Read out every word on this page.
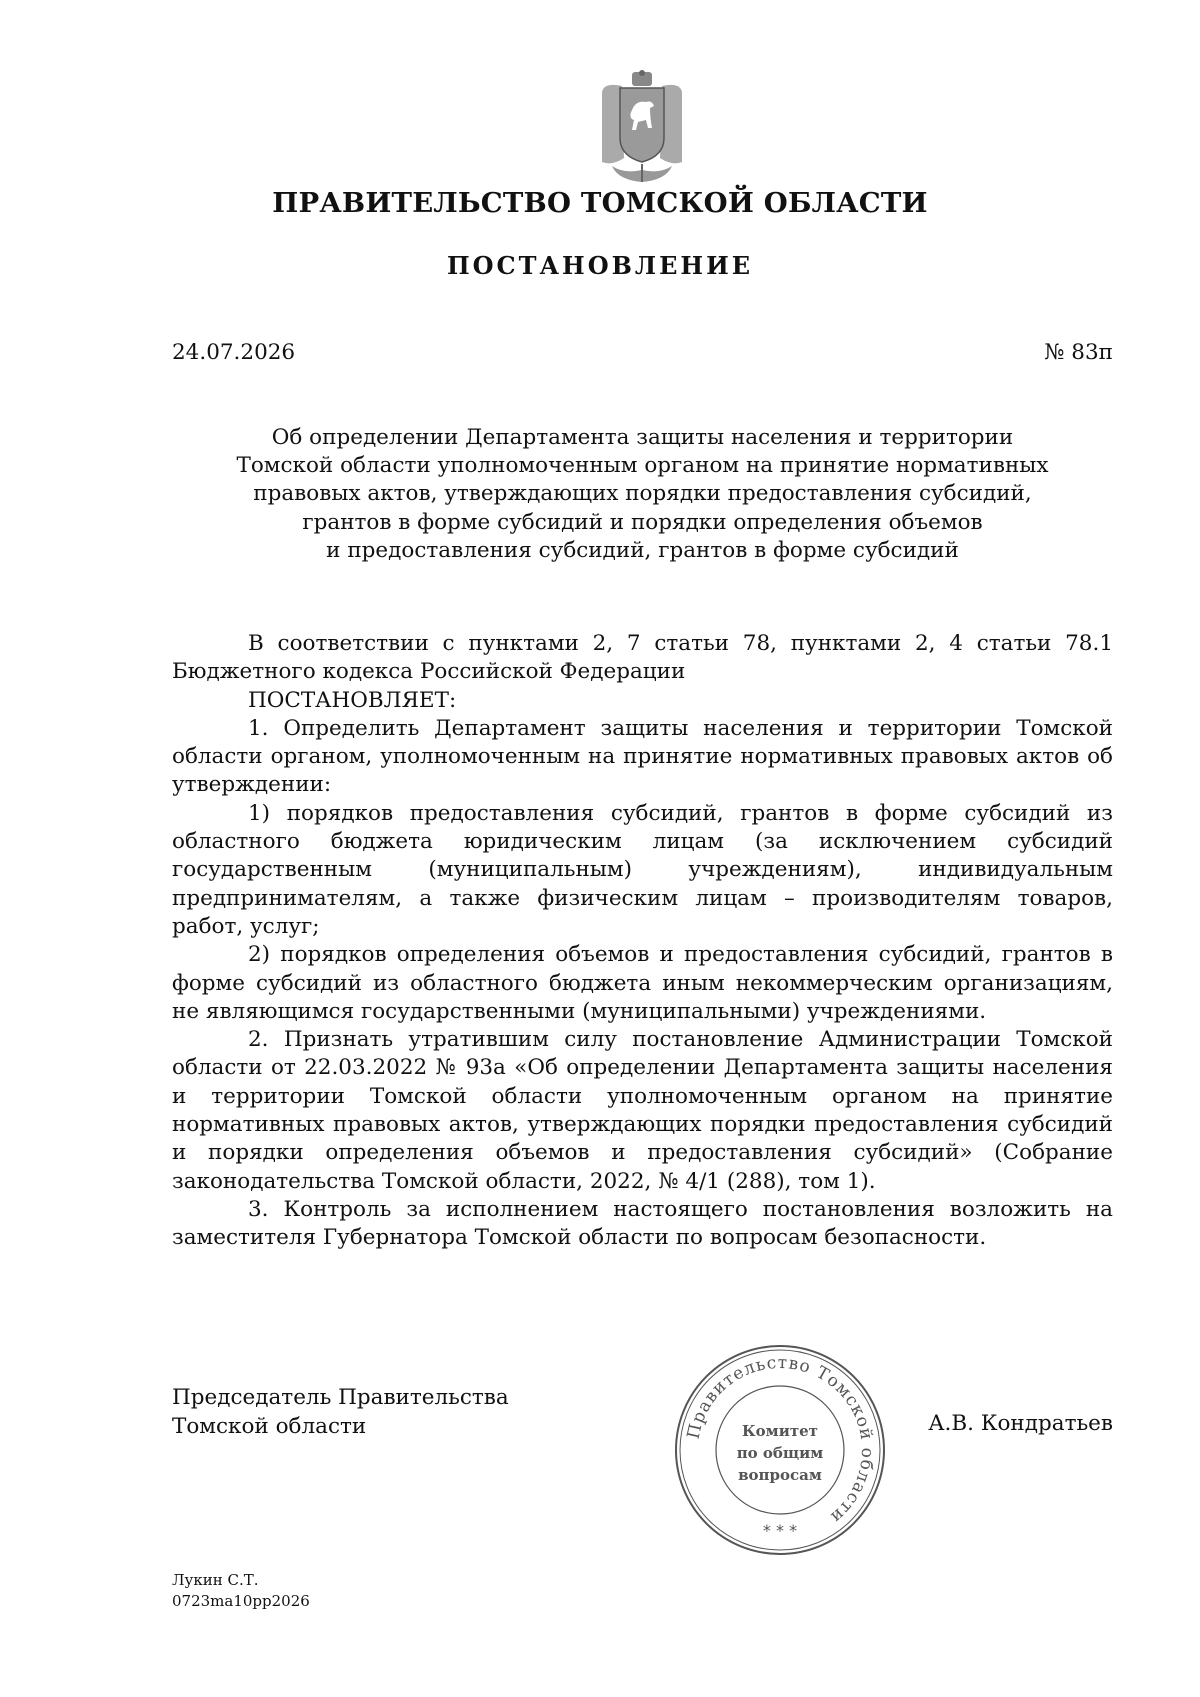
ПРАВИТЕЛЬСТВО ТОМСКОЙ ОБЛАСТИ
ПОСТАНОВЛЕНИЕ
24.07.2026	№ 83п
Об определении Департамента защиты населения и территории
Томской области уполномоченным органом на принятие нормативных
правовых актов, утверждающих порядки предоставления субсидий,
грантов в форме субсидий и порядки определения объемов
и предоставления субсидий, грантов в форме субсидий

В соответствии с пунктами 2, 7 статьи 78, пунктами 2, 4 статьи 78.1 Бюджетного кодекса Российской Федерации

ПОСТАНОВЛЯЕТ:

1. Определить Департамент защиты населения и территории Томской области органом, уполномоченным на принятие нормативных правовых актов об утверждении:

1) порядков предоставления субсидий, грантов в форме субсидий из областного бюджета юридическим лицам (за исключением субсидий государственным (муниципальным) учреждениям), индивидуальным предпринимателям, а также физическим лицам – производителям товаров, работ, услуг;

2) порядков определения объемов и предоставления субсидий, грантов в форме субсидий из областного бюджета иным некоммерческим организациям, не являющимся государственными (муниципальными) учреждениями.

2. Признать утратившим силу постановление Администрации Томской области от 22.03.2022 № 93а «Об определении Департамента защиты населения и территории Томской области уполномоченным органом на принятие нормативных правовых актов, утверждающих порядки предоставления субсидий и порядки определения объемов и предоставления субсидий» (Собрание законодательства Томской области, 2022, № 4/1 (288), том 1).

3. Контроль за исполнением настоящего постановления возложить на заместителя Губернатора Томской области по вопросам безопасности.

Председатель Правительства
Томской области	А.В. Кондратьев
Правительство Томской области
Комитет
по общим
вопросам
* * *
Лукин С.Т.
0723ma10pp2026
